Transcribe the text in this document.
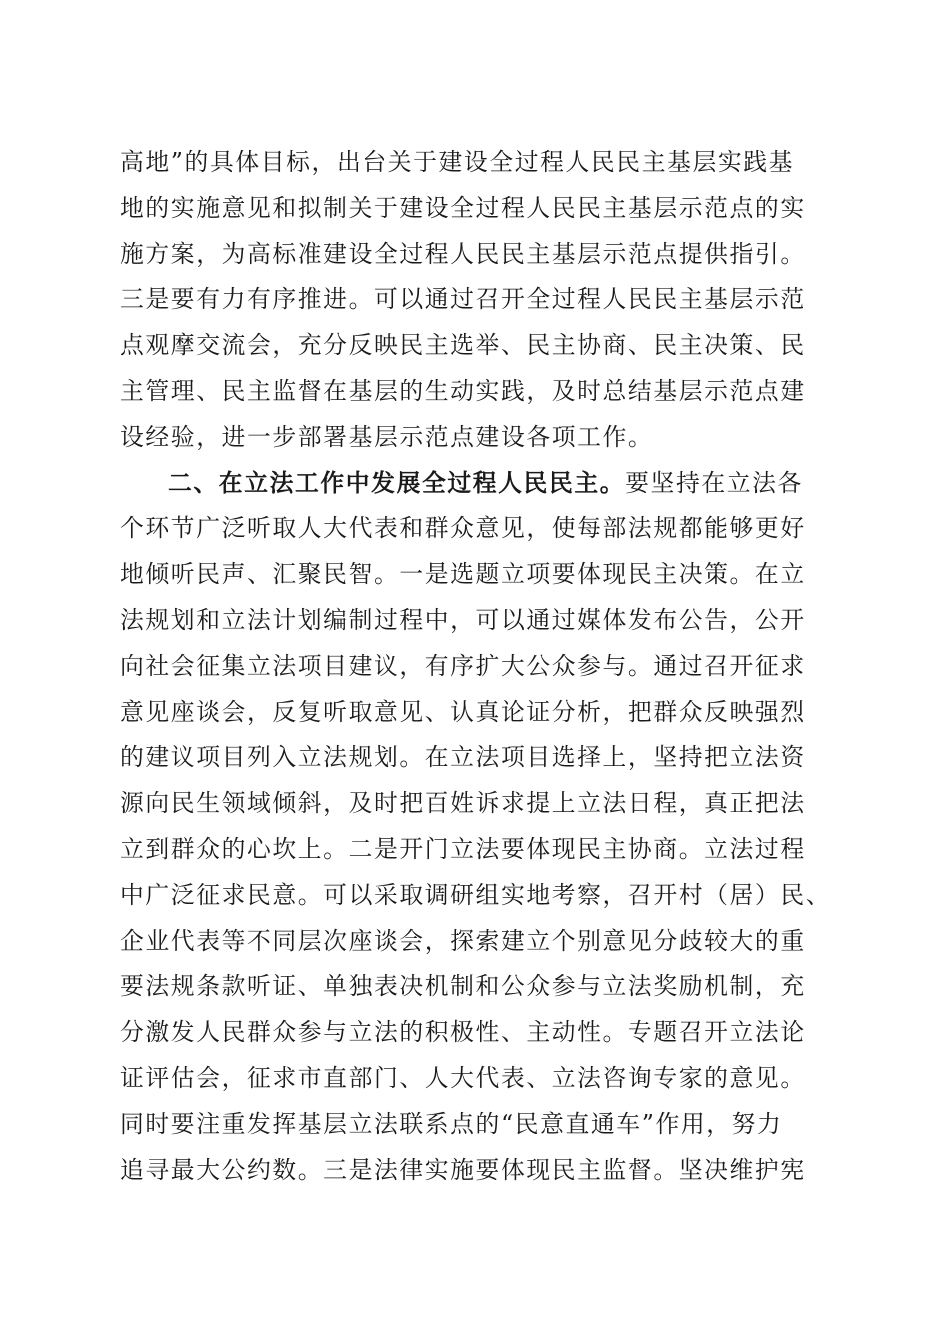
高地”的具体目标，出台关于建设全过程人民民主基层实践基

地的实施意见和拟制关于建设全过程人民民主基层示范点的实

施方案，为高标准建设全过程人民民主基层示范点提供指引。

三是要有力有序推进。可以通过召开全过程人民民主基层示范

点观摩交流会，充分反映民主选举、民主协商、民主决策、民

主管理、民主监督在基层的生动实践，及时总结基层示范点建

设经验，进一步部署基层示范点建设各项工作。

二、在立法工作中发展全过程人民民主。要坚持在立法各

个环节广泛听取人大代表和群众意见，使每部法规都能够更好

地倾听民声、汇聚民智。一是选题立项要体现民主决策。在立

法规划和立法计划编制过程中，可以通过媒体发布公告，公开

向社会征集立法项目建议，有序扩大公众参与。通过召开征求

意见座谈会，反复听取意见、认真论证分析，把群众反映强烈

的建议项目列入立法规划。在立法项目选择上，坚持把立法资

源向民生领域倾斜，及时把百姓诉求提上立法日程，真正把法

立到群众的心坎上。二是开门立法要体现民主协商。立法过程

中广泛征求民意。可以采取调研组实地考察，召开村（居）民、

企业代表等不同层次座谈会，探索建立个别意见分歧较大的重

要法规条款听证、单独表决机制和公众参与立法奖励机制，充

分激发人民群众参与立法的积极性、主动性。专题召开立法论

证评估会，征求市直部门、人大代表、立法咨询专家的意见。

同时要注重发挥基层立法联系点的“民意直通车”作用，努力

追寻最大公约数。三是法律实施要体现民主监督。坚决维护宪
